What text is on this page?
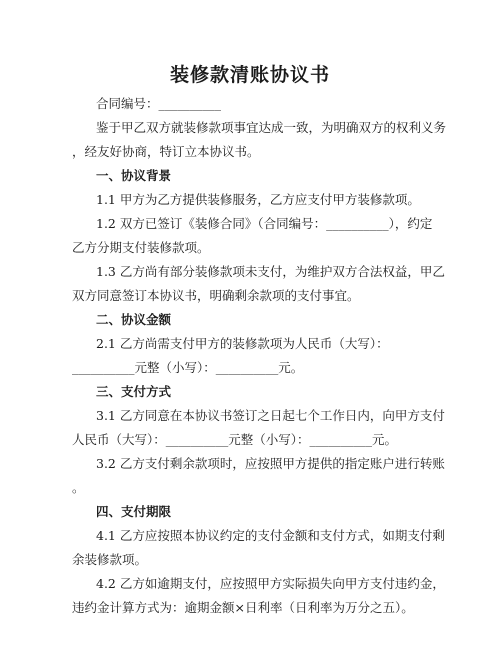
装修款清账协议书
合同编号：__________
鉴于甲乙双方就装修款项事宜达成一致，为明确双方的权利义务
，经友好协商，特订立本协议书。
一、协议背景
1.1 甲方为乙方提供装修服务，乙方应支付甲方装修款项。
1.2 双方已签订《装修合同》（合同编号：__________），约定
乙方分期支付装修款项。
1.3 乙方尚有部分装修款项未支付，为维护双方合法权益，甲乙
双方同意签订本协议书，明确剩余款项的支付事宜。
二、协议金额
2.1 乙方尚需支付甲方的装修款项为人民币（大写）：
__________元整（小写）：__________元。
三、支付方式
3.1 乙方同意在本协议书签订之日起七个工作日内，向甲方支付
人民币（大写）：__________元整（小写）：__________元。
3.2 乙方支付剩余款项时，应按照甲方提供的指定账户进行转账
。
四、支付期限
4.1 乙方应按照本协议约定的支付金额和支付方式，如期支付剩
余装修款项。
4.2 乙方如逾期支付，应按照甲方实际损失向甲方支付违约金，
违约金计算方式为：逾期金额×日利率（日利率为万分之五）。
